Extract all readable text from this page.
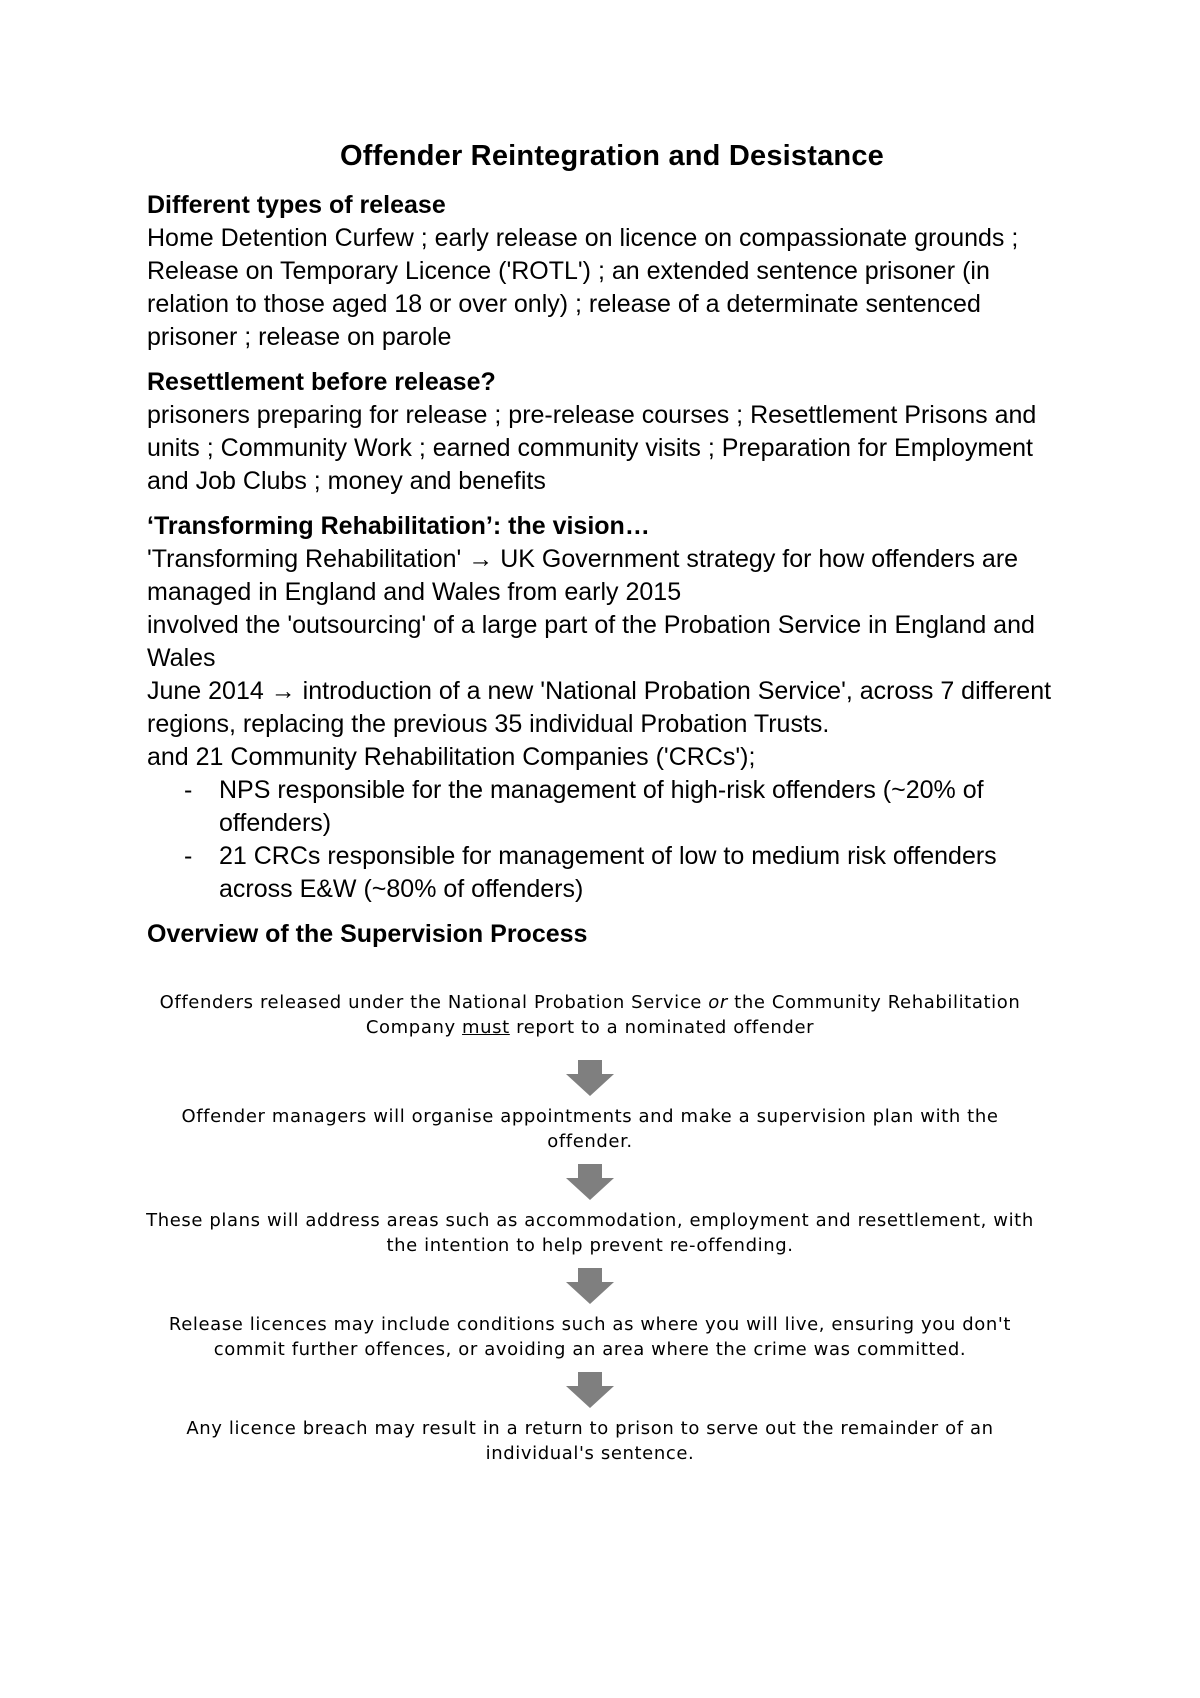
Offender Reintegration and Desistance

Different types of release

Home Detention Curfew ; early release on licence on compassionate grounds ; Release on Temporary Licence ('ROTL') ; an extended sentence prisoner (in relation to those aged 18 or over only) ; release of a determinate sentenced prisoner ; release on parole

Resettlement before release?

prisoners preparing for release ; pre-release courses ; Resettlement Prisons and units ; Community Work ; earned community visits ; Preparation for Employment and Job Clubs ; money and benefits

‘Transforming Rehabilitation’: the vision…

'Transforming Rehabilitation' → UK Government strategy for how offenders are managed in England and Wales from early 2015

involved the 'outsourcing' of a large part of the Probation Service in England and Wales

June 2014 → introduction of a new 'National Probation Service', across 7 different regions, replacing the previous 35 individual Probation Trusts.

and 21 Community Rehabilitation Companies ('CRCs');

- NPS responsible for the management of high-risk offenders (~20% of offenders)
- 21 CRCs responsible for management of low to medium risk offenders across E&W (~80% of offenders)

Overview of the Supervision Process

Offenders released under the National Probation Service or the Community Rehabilitation Company must report to a nominated offender
Offender managers will organise appointments and make a supervision plan with the offender.
These plans will address areas such as accommodation, employment and resettlement, with the intention to help prevent re-offending.
Release licences may include conditions such as where you will live, ensuring you don't commit further offences, or avoiding an area where the crime was committed.
Any licence breach may result in a return to prison to serve out the remainder of an individual's sentence.
